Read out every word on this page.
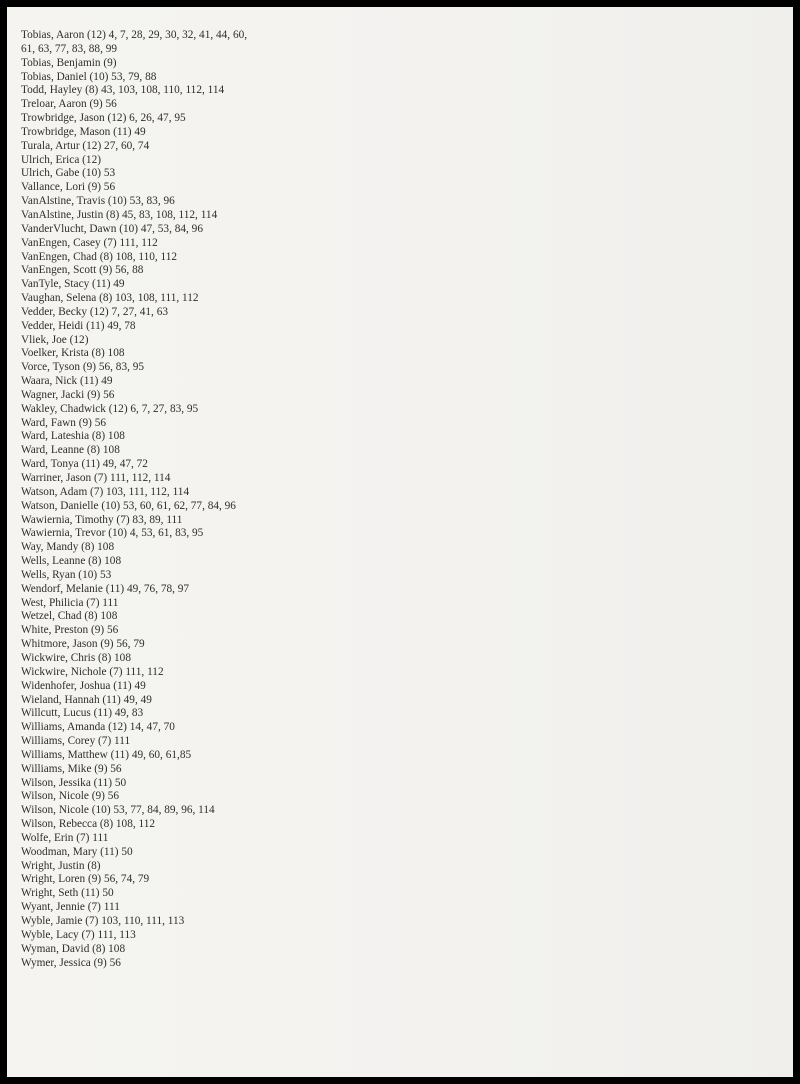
Tobias, Aaron (12) 4, 7, 28, 29, 30, 32, 41, 44, 60, 61, 63, 77, 83, 88, 99
Tobias, Benjamin (9)
Tobias, Daniel (10) 53, 79, 88
Todd, Hayley (8) 43, 103, 108, 110, 112, 114
Treloar, Aaron (9) 56
Trowbridge, Jason (12) 6, 26, 47, 95
Trowbridge, Mason (11) 49
Turala, Artur (12) 27, 60, 74
Ulrich, Erica (12)
Ulrich, Gabe (10) 53
Vallance, Lori (9) 56
VanAlstine, Travis (10) 53, 83, 96
VanAlstine, Justin (8) 45, 83, 108, 112, 114
VanderVlucht, Dawn (10) 47, 53, 84, 96
VanEngen, Casey (7) 111, 112
VanEngen, Chad (8) 108, 110, 112
VanEngen, Scott (9) 56, 88
VanTyle, Stacy (11) 49
Vaughan, Selena (8) 103, 108, 111, 112
Vedder, Becky (12) 7, 27, 41, 63
Vedder, Heidi (11) 49, 78
Vliek, Joe (12)
Voelker, Krista (8) 108
Vorce, Tyson (9) 56, 83, 95
Waara, Nick (11) 49
Wagner, Jacki (9) 56
Wakley, Chadwick (12) 6, 7, 27, 83, 95
Ward, Fawn (9) 56
Ward, Lateshia (8) 108
Ward, Leanne (8) 108
Ward, Tonya (11) 49, 47, 72
Warriner, Jason (7) 111, 112, 114
Watson, Adam (7) 103, 111, 112, 114
Watson, Danielle (10) 53, 60, 61, 62, 77, 84, 96
Wawiernia, Timothy (7) 83, 89, 111
Wawiernia, Trevor (10) 4, 53, 61, 83, 95
Way, Mandy (8) 108
Wells, Leanne (8) 108
Wells, Ryan (10) 53
Wendorf, Melanie (11) 49, 76, 78, 97
West, Philicia (7) 111
Wetzel, Chad (8) 108
White, Preston (9) 56
Whitmore, Jason (9) 56, 79
Wickwire, Chris (8) 108
Wickwire, Nichole (7) 111, 112
Widenhofer, Joshua (11) 49
Wieland, Hannah (11) 49, 49
Willcutt, Lucus (11) 49, 83
Williams, Amanda (12) 14, 47, 70
Williams, Corey (7) 111
Williams, Matthew (11) 49, 60, 61,85
Williams, Mike (9) 56
Wilson, Jessika (11) 50
Wilson, Nicole (9) 56
Wilson, Nicole (10) 53, 77, 84, 89, 96, 114
Wilson, Rebecca (8) 108, 112
Wolfe, Erin (7) 111
Woodman, Mary (11) 50
Wright, Justin (8)
Wright, Loren (9) 56, 74, 79
Wright, Seth (11) 50
Wyant, Jennie (7) 111
Wyble, Jamie (7) 103, 110, 111, 113
Wyble, Lacy (7) 111, 113
Wyman, David (8) 108
Wymer, Jessica (9) 56
